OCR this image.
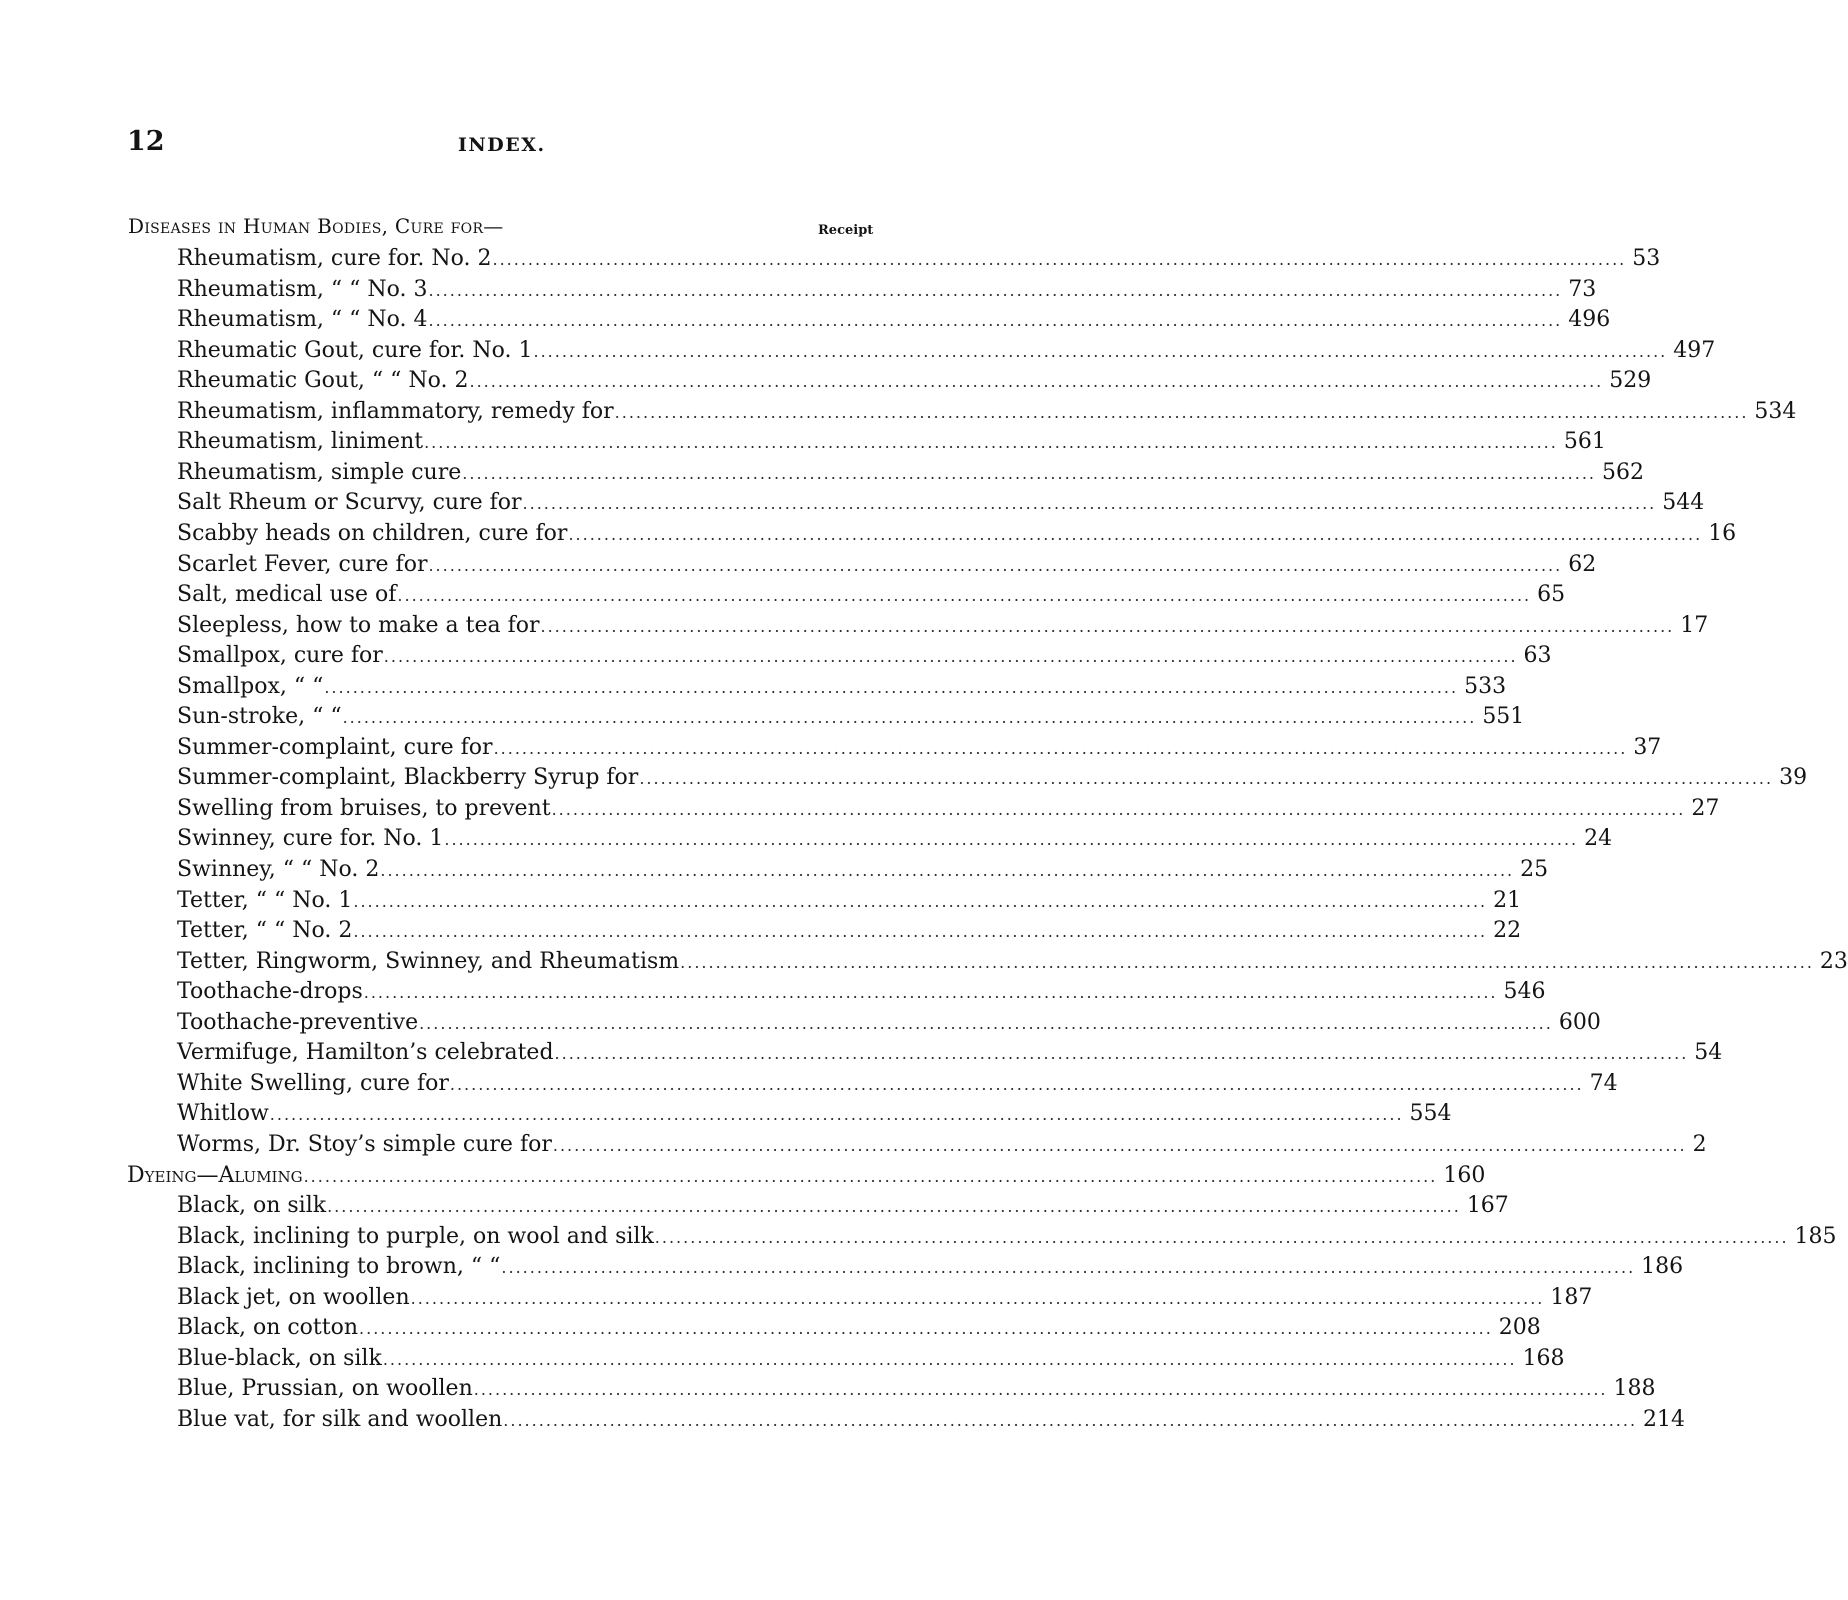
12	INDEX.
Diseases in Human Bodies, Cure for—	Receipt
Rheumatism, cure for. No. 2 ................................................................................................................................................................ 53
Rheumatism, “ “ No. 3 ................................................................................................................................................................ 73
Rheumatism, “ “ No. 4 ................................................................................................................................................................ 496
Rheumatic Gout, cure for. No. 1 ................................................................................................................................................................ 497
Rheumatic Gout, “ “ No. 2 ................................................................................................................................................................ 529
Rheumatism, inflammatory, remedy for ................................................................................................................................................................ 534
Rheumatism, liniment ................................................................................................................................................................ 561
Rheumatism, simple cure ................................................................................................................................................................ 562
Salt Rheum or Scurvy, cure for ................................................................................................................................................................ 544
Scabby heads on children, cure for ................................................................................................................................................................ 16
Scarlet Fever, cure for ................................................................................................................................................................ 62
Salt, medical use of ................................................................................................................................................................ 65
Sleepless, how to make a tea for ................................................................................................................................................................ 17
Smallpox, cure for ................................................................................................................................................................ 63
Smallpox, “ “ ................................................................................................................................................................ 533
Sun-stroke, “ “ ................................................................................................................................................................ 551
Summer-complaint, cure for ................................................................................................................................................................ 37
Summer-complaint, Blackberry Syrup for ................................................................................................................................................................ 39
Swelling from bruises, to prevent ................................................................................................................................................................ 27
Swinney, cure for. No. 1 ................................................................................................................................................................ 24
Swinney, “ “ No. 2 ................................................................................................................................................................ 25
Tetter, “ “ No. 1 ................................................................................................................................................................ 21
Tetter, “ “ No. 2 ................................................................................................................................................................ 22
Tetter, Ringworm, Swinney, and Rheumatism ................................................................................................................................................................ 23
Toothache-drops ................................................................................................................................................................ 546
Toothache-preventive ................................................................................................................................................................ 600
Vermifuge, Hamilton’s celebrated ................................................................................................................................................................ 54
White Swelling, cure for ................................................................................................................................................................ 74
Whitlow ................................................................................................................................................................ 554
Worms, Dr. Stoy’s simple cure for ................................................................................................................................................................ 2
Dyeing—Aluming ................................................................................................................................................................ 160
Black, on silk ................................................................................................................................................................ 167
Black, inclining to purple, on wool and silk ................................................................................................................................................................ 185
Black, inclining to brown, “ “ ................................................................................................................................................................ 186
Black jet, on woollen ................................................................................................................................................................ 187
Black, on cotton ................................................................................................................................................................ 208
Blue-black, on silk ................................................................................................................................................................ 168
Blue, Prussian, on woollen ................................................................................................................................................................ 188
Blue vat, for silk and woollen ................................................................................................................................................................ 214
